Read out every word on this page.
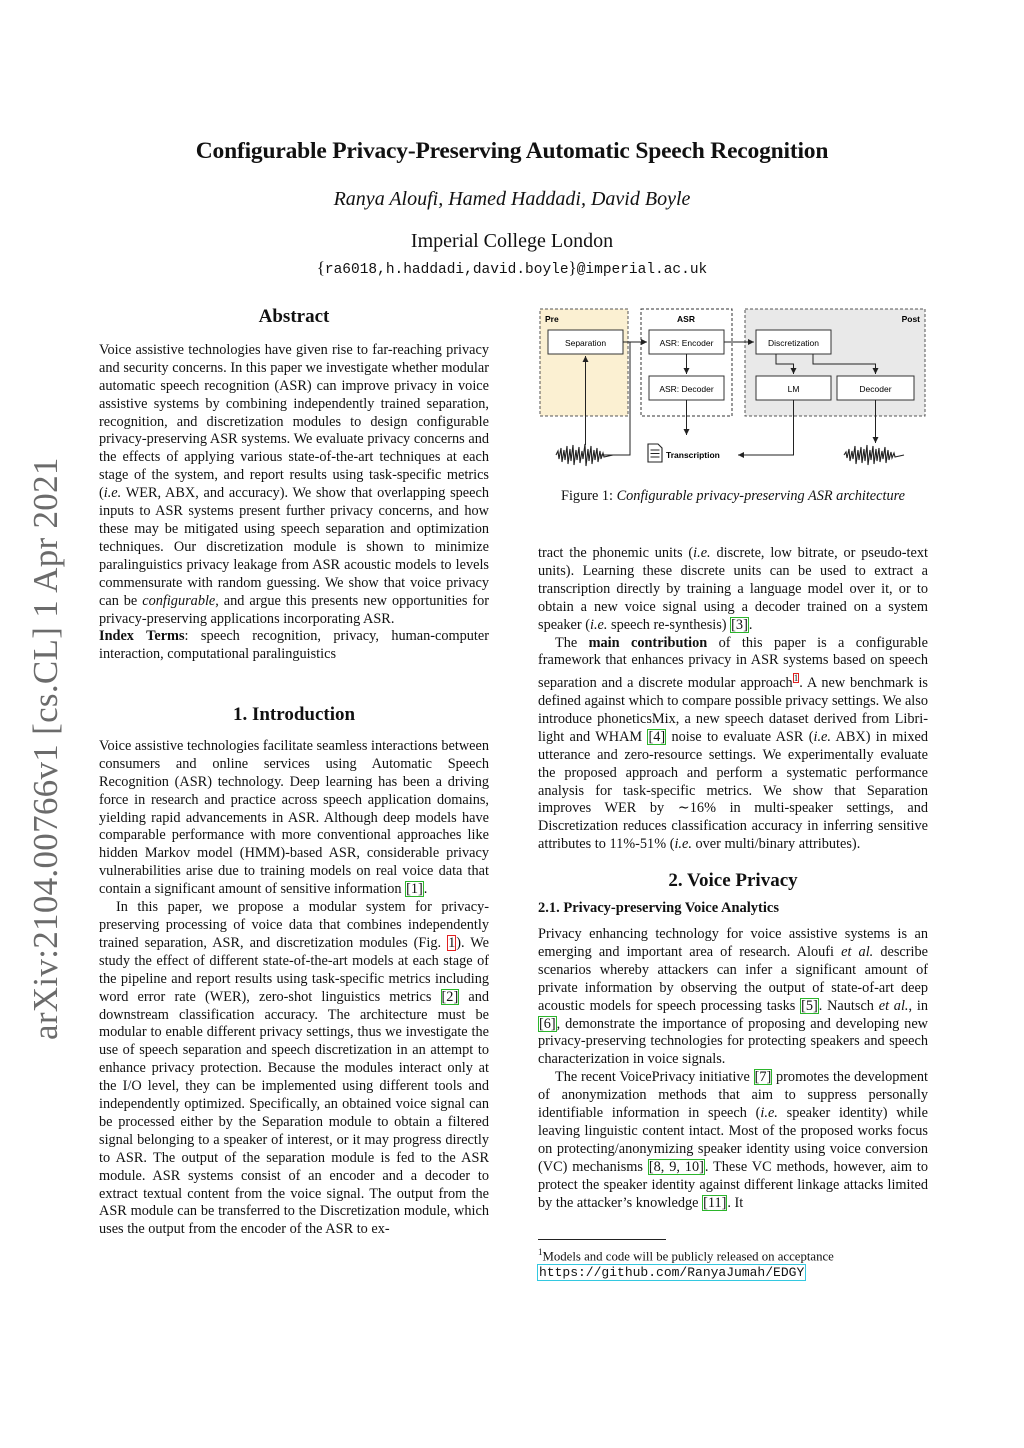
Configurable Privacy-Preserving Automatic Speech Recognition
Ranya Aloufi, Hamed Haddadi, David Boyle
Imperial College London
{ra6018,h.haddadi,david.boyle}@imperial.ac.uk
arXiv:2104.00766v1 [cs.CL] 1 Apr 2021
Abstract

Voice assistive technologies have given rise to far-reaching privacy and security concerns. In this paper we investigate whether modular automatic speech recognition (ASR) can improve privacy in voice assistive systems by combining independently trained separation, recognition, and discretization modules to design configurable privacy-preserving ASR systems. We evaluate privacy concerns and the effects of applying various state-of-the-art techniques at each stage of the system, and report results using task-specific metrics (i.e. WER, ABX, and accuracy). We show that overlapping speech inputs to ASR systems present further privacy concerns, and how these may be mitigated using speech separation and optimization techniques. Our discretization module is shown to minimize paralinguistics privacy leakage from ASR acoustic models to levels commensurate with random guessing. We show that voice privacy can be configurable, and argue this presents new opportunities for privacy-preserving applications incorporating ASR.

Index Terms: speech recognition, privacy, human-computer interaction, computational paralinguistics

1. Introduction

Voice assistive technologies facilitate seamless interactions between consumers and online services using Automatic Speech Recognition (ASR) technology. Deep learning has been a driving force in research and practice across speech application domains, yielding rapid advancements in ASR. Although deep models have comparable performance with more conventional approaches like hidden Markov model (HMM)-based ASR, considerable privacy vulnerabilities arise due to training models on real voice data that contain a significant amount of sensitive information [1].

In this paper, we propose a modular system for privacy-preserving processing of voice data that combines independently trained separation, ASR, and discretization modules (Fig. 1). We study the effect of different state-of-the-art models at each stage of the pipeline and report results using task-specific metrics including word error rate (WER), zero-shot linguistics metrics [2] and downstream classification accuracy. The architecture must be modular to enable different privacy settings, thus we investigate the use of speech separation and speech discretization in an attempt to enhance privacy protection. Because the modules interact only at the I/O level, they can be implemented using different tools and independently optimized. Specifically, an obtained voice signal can be processed either by the Separation module to obtain a filtered signal belonging to a speaker of interest, or it may progress directly to ASR. The output of the separation module is fed to the ASR module. ASR systems consist of an encoder and a decoder to extract textual content from the voice signal. The output from the ASR module can be transferred to the Discretization module, which uses the output from the encoder of the ASR to ex-

Pre	ASR	Post
Separation	ASR: Encoder
ASR: Decoder
Discretization
LM	Decoder
Transcription
Figure 1: Configurable privacy-preserving ASR architecture

tract the phonemic units (i.e. discrete, low bitrate, or pseudo-text units). Learning these discrete units can be used to extract a transcription directly by training a language model over it, or to obtain a new voice signal using a decoder trained on a system speaker (i.e. speech re-synthesis) [3].

The main contribution of this paper is a configurable framework that enhances privacy in ASR systems based on speech separation and a discrete modular approach$^1$. A new benchmark is defined against which to compare possible privacy settings. We also introduce phoneticsMix, a new speech dataset derived from Libri-light and WHAM [4] noise to evaluate ASR (i.e. ABX) in mixed utterance and zero-resource settings. We experimentally evaluate the proposed approach and perform a systematic performance analysis for task-specific metrics. We show that Separation improves WER by ∼16% in multi-speaker settings, and Discretization reduces classification accuracy in inferring sensitive attributes to 11%-51% (i.e. over multi/binary attributes).

2. Voice Privacy
2.1. Privacy-preserving Voice Analytics

Privacy enhancing technology for voice assistive systems is an emerging and important area of research. Aloufi et al. describe scenarios whereby attackers can infer a significant amount of private information by observing the output of state-of-art deep acoustic models for speech processing tasks [5]. Nautsch et al., in [6], demonstrate the importance of proposing and developing new privacy-preserving technologies for protecting speakers and speech characterization in voice signals.

The recent VoicePrivacy initiative [7] promotes the development of anonymization methods that aim to suppress personally identifiable information in speech (i.e. speaker identity) while leaving linguistic content intact. Most of the proposed works focus on protecting/anonymizing speaker identity using voice conversion (VC) mechanisms [8, 9, 10]. These VC methods, however, aim to protect the speaker identity against different linkage attacks limited by the attacker’s knowledge [11]. It

$^1$Models and code will be publicly released on acceptance https://github.com/RanyaJumah/EDGY
